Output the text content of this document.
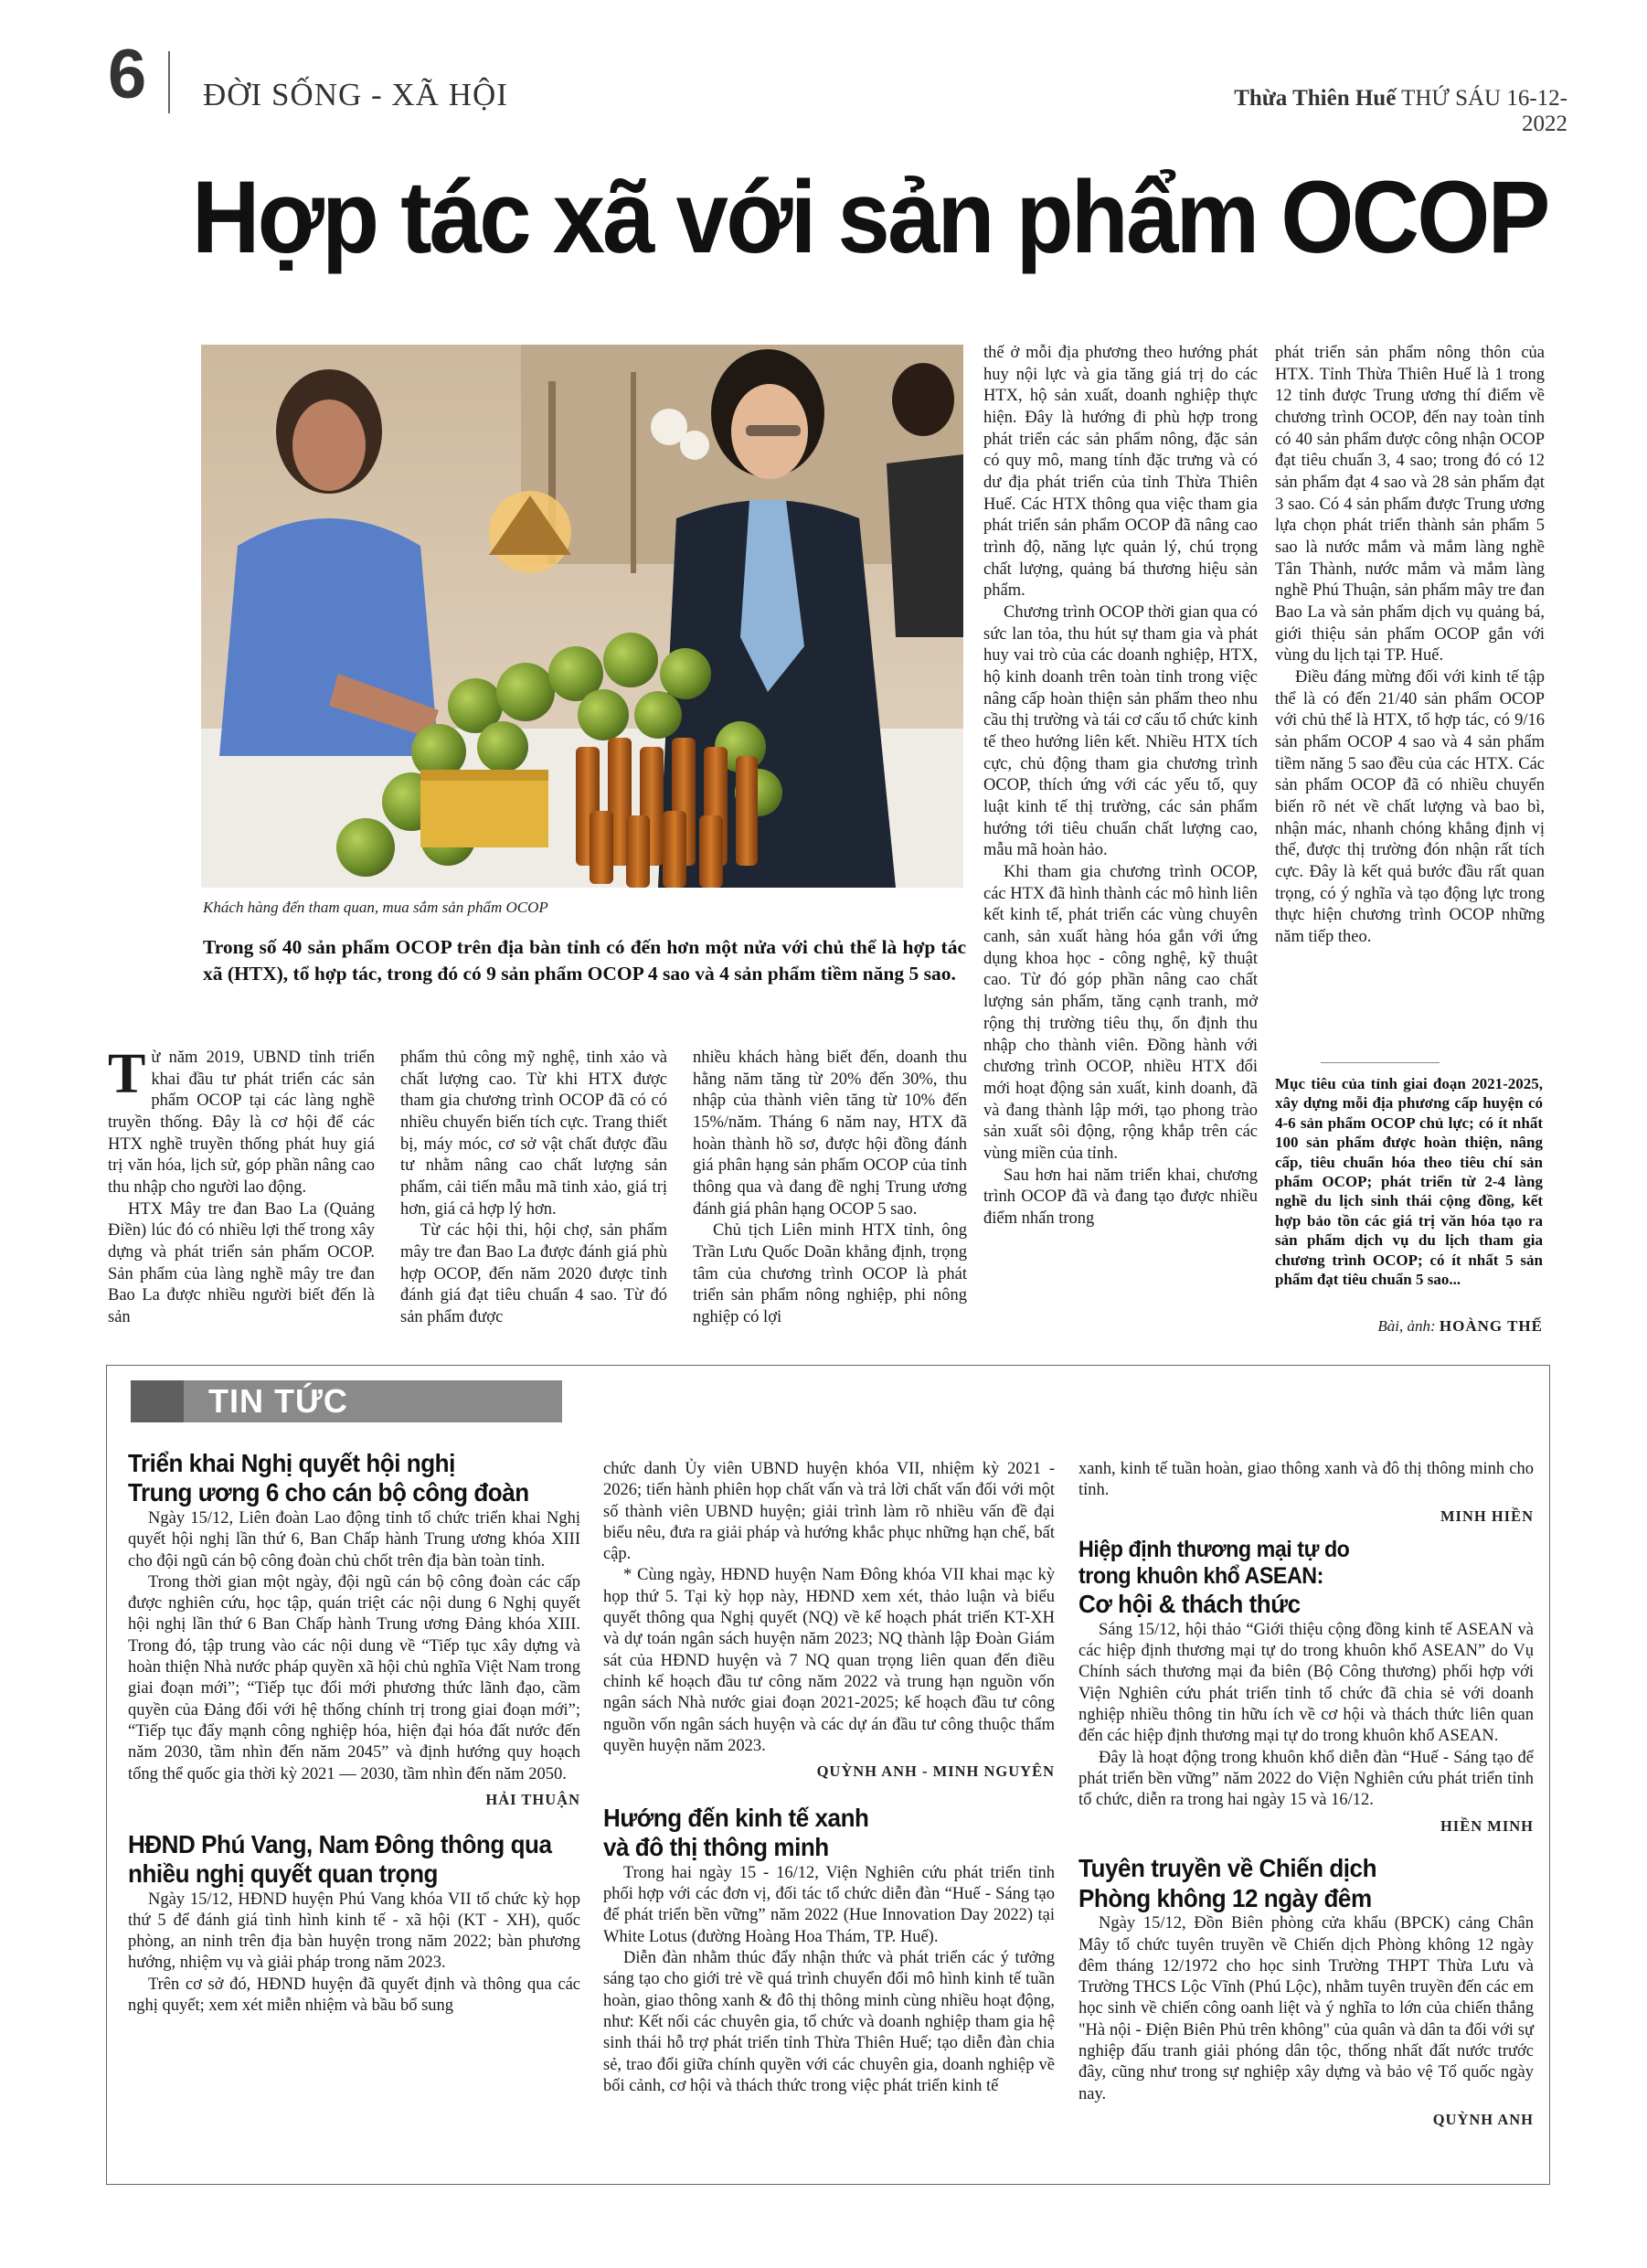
6	ĐỜI SỐNG - XÃ HỘI	Thừa Thiên Huế THỨ SÁU 16-12-2022
Hợp tác xã với sản phẩm OCOP
Khách hàng đến tham quan, mua sắm sản phẩm OCOP
Trong số 40 sản phẩm OCOP trên địa bàn tỉnh có đến hơn một nửa với chủ thể là hợp tác xã (HTX), tổ hợp tác, trong đó có 9 sản phẩm OCOP 4 sao và 4 sản phẩm tiềm năng 5 sao.

Từ năm 2019, UBND tỉnh triển khai đầu tư phát triển các sản phẩm OCOP tại các làng nghề truyền thống. Đây là cơ hội để các HTX nghề truyền thống phát huy giá trị văn hóa, lịch sử, góp phần nâng cao thu nhập cho người lao động.

HTX Mây tre đan Bao La (Quảng Điền) lúc đó có nhiều lợi thế trong xây dựng và phát triển sản phẩm OCOP. Sản phẩm của làng nghề mây tre đan Bao La được nhiều người biết đến là sản

phẩm thủ công mỹ nghệ, tinh xảo và chất lượng cao. Từ khi HTX được tham gia chương trình OCOP đã có có nhiều chuyển biến tích cực. Trang thiết bị, máy móc, cơ sở vật chất được đầu tư nhằm nâng cao chất lượng sản phẩm, cải tiến mẫu mã tinh xảo, giá trị hơn, giá cả hợp lý hơn.

Từ các hội thi, hội chợ, sản phẩm mây tre đan Bao La được đánh giá phù hợp OCOP, đến năm 2020 được tỉnh đánh giá đạt tiêu chuẩn 4 sao. Từ đó sản phẩm được

nhiều khách hàng biết đến, doanh thu hằng năm tăng từ 20% đến 30%, thu nhập của thành viên tăng từ 10% đến 15%/năm. Tháng 6 năm nay, HTX đã hoàn thành hồ sơ, được hội đồng đánh giá phân hạng sản phẩm OCOP của tỉnh thông qua và đang đề nghị Trung ương đánh giá phân hạng OCOP 5 sao.

Chủ tịch Liên minh HTX tỉnh, ông Trần Lưu Quốc Doãn khẳng định, trọng tâm của chương trình OCOP là phát triển sản phẩm nông nghiệp, phi nông nghiệp có lợi

thế ở mỗi địa phương theo hướng phát huy nội lực và gia tăng giá trị do các HTX, hộ sản xuất, doanh nghiệp thực hiện. Đây là hướng đi phù hợp trong phát triển các sản phẩm nông, đặc sản có quy mô, mang tính đặc trưng và có dư địa phát triển của tỉnh Thừa Thiên Huế. Các HTX thông qua việc tham gia phát triển sản phẩm OCOP đã nâng cao trình độ, năng lực quản lý, chú trọng chất lượng, quảng bá thương hiệu sản phẩm.

Chương trình OCOP thời gian qua có sức lan tỏa, thu hút sự tham gia và phát huy vai trò của các doanh nghiệp, HTX, hộ kinh doanh trên toàn tỉnh trong việc nâng cấp hoàn thiện sản phẩm theo nhu cầu thị trường và tái cơ cấu tổ chức kinh tế theo hướng liên kết. Nhiều HTX tích cực, chủ động tham gia chương trình OCOP, thích ứng với các yếu tố, quy luật kinh tế thị trường, các sản phẩm hướng tới tiêu chuẩn chất lượng cao, mẫu mã hoàn hảo.

Khi tham gia chương trình OCOP, các HTX đã hình thành các mô hình liên kết kinh tế, phát triển các vùng chuyên canh, sản xuất hàng hóa gắn với ứng dụng khoa học - công nghệ, kỹ thuật cao. Từ đó góp phần nâng cao chất lượng sản phẩm, tăng cạnh tranh, mở rộng thị trường tiêu thụ, ổn định thu nhập cho thành viên. Đồng hành với chương trình OCOP, nhiều HTX đổi mới hoạt động sản xuất, kinh doanh, đã và đang thành lập mới, tạo phong trào sản xuất sôi động, rộng khắp trên các vùng miền của tỉnh.

Sau hơn hai năm triển khai, chương trình OCOP đã và đang tạo được nhiều điểm nhấn trong

phát triển sản phẩm nông thôn của HTX. Tỉnh Thừa Thiên Huế là 1 trong 12 tỉnh được Trung ương thí điểm về chương trình OCOP, đến nay toàn tỉnh có 40 sản phẩm được công nhận OCOP đạt tiêu chuẩn 3, 4 sao; trong đó có 12 sản phẩm đạt 4 sao và 28 sản phẩm đạt 3 sao. Có 4 sản phẩm được Trung ương lựa chọn phát triển thành sản phẩm 5 sao là nước mắm và mắm làng nghề Tân Thành, nước mắm và mắm làng nghề Phú Thuận, sản phẩm mây tre đan Bao La và sản phẩm dịch vụ quảng bá, giới thiệu sản phẩm OCOP gắn với vùng du lịch tại TP. Huế.

Điều đáng mừng đối với kinh tế tập thể là có đến 21/40 sản phẩm OCOP với chủ thể là HTX, tổ hợp tác, có 9/16 sản phẩm OCOP 4 sao và 4 sản phẩm tiềm năng 5 sao đều của các HTX. Các sản phẩm OCOP đã có nhiều chuyển biến rõ nét về chất lượng và bao bì, nhận mác, nhanh chóng khẳng định vị thế, được thị trường đón nhận rất tích cực. Đây là kết quả bước đầu rất quan trọng, có ý nghĩa và tạo động lực trong thực hiện chương trình OCOP những năm tiếp theo.

Mục tiêu của tỉnh giai đoạn 2021-2025, xây dựng mỗi địa phương cấp huyện có 4-6 sản phẩm OCOP chủ lực; có ít nhất 100 sản phẩm được hoàn thiện, nâng cấp, tiêu chuẩn hóa theo tiêu chí sản phẩm OCOP; phát triển từ 2-4 làng nghề du lịch sinh thái cộng đồng, kết hợp bảo tồn các giá trị văn hóa tạo ra sản phẩm dịch vụ du lịch tham gia chương trình OCOP; có ít nhất 5 sản phẩm đạt tiêu chuẩn 5 sao...
Bài, ảnh: HOÀNG THẾ
TIN TỨC
Triển khai Nghị quyết hội nghị
Trung ương 6 cho cán bộ công đoàn

Ngày 15/12, Liên đoàn Lao động tỉnh tổ chức triển khai Nghị quyết hội nghị lần thứ 6, Ban Chấp hành Trung ương khóa XIII cho đội ngũ cán bộ công đoàn chủ chốt trên địa bàn toàn tỉnh.

Trong thời gian một ngày, đội ngũ cán bộ công đoàn các cấp được nghiên cứu, học tập, quán triệt các nội dung 6 Nghị quyết hội nghị lần thứ 6 Ban Chấp hành Trung ương Đảng khóa XIII. Trong đó, tập trung vào các nội dung về “Tiếp tục xây dựng và hoàn thiện Nhà nước pháp quyền xã hội chủ nghĩa Việt Nam trong giai đoạn mới”; “Tiếp tục đổi mới phương thức lãnh đạo, cầm quyền của Đảng đối với hệ thống chính trị trong giai đoạn mới”; “Tiếp tục đẩy mạnh công nghiệp hóa, hiện đại hóa đất nước đến năm 2030, tầm nhìn đến năm 2045” và định hướng quy hoạch tổng thể quốc gia thời kỳ 2021 — 2030, tầm nhìn đến năm 2050.

HẢI THUẬN
HĐND Phú Vang, Nam Đông thông qua
nhiều nghị quyết quan trọng

Ngày 15/12, HĐND huyện Phú Vang khóa VII tổ chức kỳ họp thứ 5 để đánh giá tình hình kinh tế - xã hội (KT - XH), quốc phòng, an ninh trên địa bàn huyện trong năm 2022; bàn phương hướng, nhiệm vụ và giải pháp trong năm 2023.

Trên cơ sở đó, HĐND huyện đã quyết định và thông qua các nghị quyết; xem xét miễn nhiệm và bầu bổ sung

chức danh Ủy viên UBND huyện khóa VII, nhiệm kỳ 2021 - 2026; tiến hành phiên họp chất vấn và trả lời chất vấn đối với một số thành viên UBND huyện; giải trình làm rõ nhiều vấn đề đại biểu nêu, đưa ra giải pháp và hướng khắc phục những hạn chế, bất cập.

* Cùng ngày, HĐND huyện Nam Đông khóa VII khai mạc kỳ họp thứ 5. Tại kỳ họp này, HĐND xem xét, thảo luận và biểu quyết thông qua Nghị quyết (NQ) về kế hoạch phát triển KT-XH và dự toán ngân sách huyện năm 2023; NQ thành lập Đoàn Giám sát của HĐND huyện và 7 NQ quan trọng liên quan đến điều chỉnh kế hoạch đầu tư công năm 2022 và trung hạn nguồn vốn ngân sách Nhà nước giai đoạn 2021-2025; kế hoạch đầu tư công nguồn vốn ngân sách huyện và các dự án đầu tư công thuộc thẩm quyền huyện năm 2023.

QUỲNH ANH - MINH NGUYÊN
Hướng đến kinh tế xanh
và đô thị thông minh

Trong hai ngày 15 - 16/12, Viện Nghiên cứu phát triển tỉnh phối hợp với các đơn vị, đối tác tổ chức diễn đàn “Huế - Sáng tạo để phát triển bền vững” năm 2022 (Hue Innovation Day 2022) tại White Lotus (đường Hoàng Hoa Thám, TP. Huế).

Diễn đàn nhằm thúc đẩy nhận thức và phát triển các ý tưởng sáng tạo cho giới trẻ về quá trình chuyển đổi mô hình kinh tế tuần hoàn, giao thông xanh & đô thị thông minh cùng nhiều hoạt động, như: Kết nối các chuyên gia, tổ chức và doanh nghiệp tham gia hệ sinh thái hỗ trợ phát triển tỉnh Thừa Thiên Huế; tạo diễn đàn chia sẻ, trao đổi giữa chính quyền với các chuyên gia, doanh nghiệp về bối cảnh, cơ hội và thách thức trong việc phát triển kinh tế

xanh, kinh tế tuần hoàn, giao thông xanh và đô thị thông minh cho tỉnh.

MINH HIỀN
Hiệp định thương mại tự do
trong khuôn khổ ASEAN:
Cơ hội & thách thức

Sáng 15/12, hội thảo “Giới thiệu cộng đồng kinh tế ASEAN và các hiệp định thương mại tự do trong khuôn khổ ASEAN” do Vụ Chính sách thương mại đa biên (Bộ Công thương) phối hợp với Viện Nghiên cứu phát triển tỉnh tổ chức đã chia sẻ với doanh nghiệp nhiều thông tin hữu ích về cơ hội và thách thức liên quan đến các hiệp định thương mại tự do trong khuôn khổ ASEAN.

Đây là hoạt động trong khuôn khổ diễn đàn “Huế - Sáng tạo để phát triển bền vững” năm 2022 do Viện Nghiên cứu phát triển tỉnh tổ chức, diễn ra trong hai ngày 15 và 16/12.

HIỀN MINH
Tuyên truyền về Chiến dịch
Phòng không 12 ngày đêm

Ngày 15/12, Đồn Biên phòng cửa khẩu (BPCK) cảng Chân Mây tổ chức tuyên truyền về Chiến dịch Phòng không 12 ngày đêm tháng 12/1972 cho học sinh Trường THPT Thừa Lưu và Trường THCS Lộc Vĩnh (Phú Lộc), nhằm tuyên truyền đến các em học sinh về chiến công oanh liệt và ý nghĩa to lớn của chiến thắng "Hà nội - Điện Biên Phủ trên không" của quân và dân ta đối với sự nghiệp đấu tranh giải phóng dân tộc, thống nhất đất nước trước đây, cũng như trong sự nghiệp xây dựng và bảo vệ Tổ quốc ngày nay.

QUỲNH ANH
